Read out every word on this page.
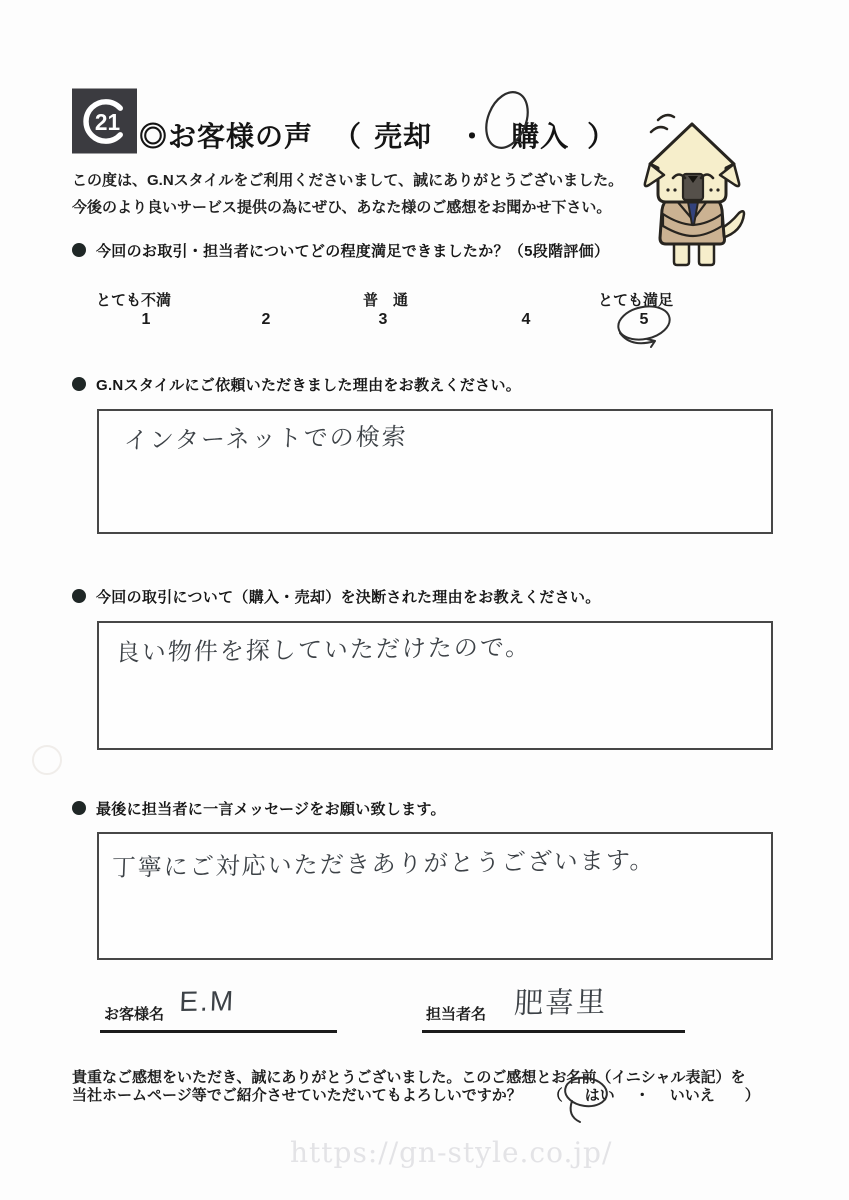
21 ◎お客様の声 （ 売却 ・ 購入 ）

この度は、G.Nスタイルをご利用くださいまして、誠にありがとうございました。
今後のより良いサービス提供の為にぜひ、あなた様のご感想をお聞かせ下さい。

今回のお取引・担当者についてどの程度満足できましたか？（5段階評価）
とても不満	普　通	とても満足
1	2	3	4	5
G.Nスタイルにご依頼いただきました理由をお教えください。
インターネットでの検索
今回の取引について（購入・売却）を決断された理由をお教えください。
良い物件を探していただけたので。
最後に担当者に一言メッセージをお願い致します。
丁寧にご対応いただきありがとうございます。
お客様名 E.M	担当者名 肥喜里

貴重なご感想をいただき、誠にありがとうございました。このご感想とお名前（イニシャル表記）を

当社ホームページ等でご紹介させていただいてもよろしいですか？ （ はい ・ いいえ ）
https://gn-style.co.jp/
